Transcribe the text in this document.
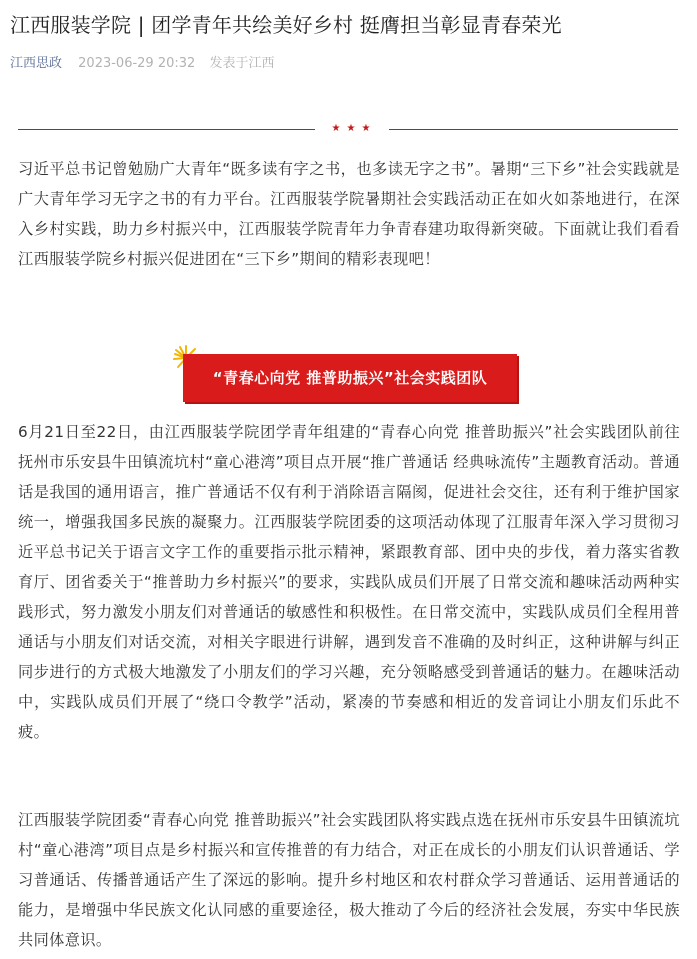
江西服装学院 | 团学青年共绘美好乡村 挺膺担当彰显青春荣光
江西思政 2023-06-29 20:32 发表于江西
★★★

习近平总书记曾勉励广大青年“既多读有字之书，也多读无字之书”。暑期“三下乡”社会实践就是广大青年学习无字之书的有力平台。江西服装学院暑期社会实践活动正在如火如荼地进行，在深入乡村实践，助力乡村振兴中，江西服装学院青年力争青春建功取得新突破。下面就让我们看看江西服装学院乡村振兴促进团在“三下乡”期间的精彩表现吧！

“青春心向党 推普助振兴”社会实践团队

6月21日至22日，由江西服装学院团学青年组建的“青春心向党 推普助振兴”社会实践团队前往抚州市乐安县牛田镇流坑村“童心港湾”项目点开展“推广普通话 经典咏流传”主题教育活动。普通话是我国的通用语言，推广普通话不仅有利于消除语言隔阂，促进社会交往，还有利于维护国家统一，增强我国多民族的凝聚力。江西服装学院团委的这项活动体现了江服青年深入学习贯彻习近平总书记关于语言文字工作的重要指示批示精神，紧跟教育部、团中央的步伐，着力落实省教育厅、团省委关于“推普助力乡村振兴”的要求，实践队成员们开展了日常交流和趣味活动两种实践形式，努力激发小朋友们对普通话的敏感性和积极性。在日常交流中，实践队成员们全程用普通话与小朋友们对话交流，对相关字眼进行讲解，遇到发音不准确的及时纠正，这种讲解与纠正同步进行的方式极大地激发了小朋友们的学习兴趣，充分领略感受到普通话的魅力。在趣味活动中，实践队成员们开展了“绕口令教学”活动，紧凑的节奏感和相近的发音词让小朋友们乐此不疲。

江西服装学院团委“青春心向党 推普助振兴”社会实践团队将实践点选在抚州市乐安县牛田镇流坑村“童心港湾”项目点是乡村振兴和宣传推普的有力结合，对正在成长的小朋友们认识普通话、学习普通话、传播普通话产生了深远的影响。提升乡村地区和农村群众学习普通话、运用普通话的能力，是增强中华民族文化认同感的重要途径，极大推动了今后的经济社会发展，夯实中华民族共同体意识。
